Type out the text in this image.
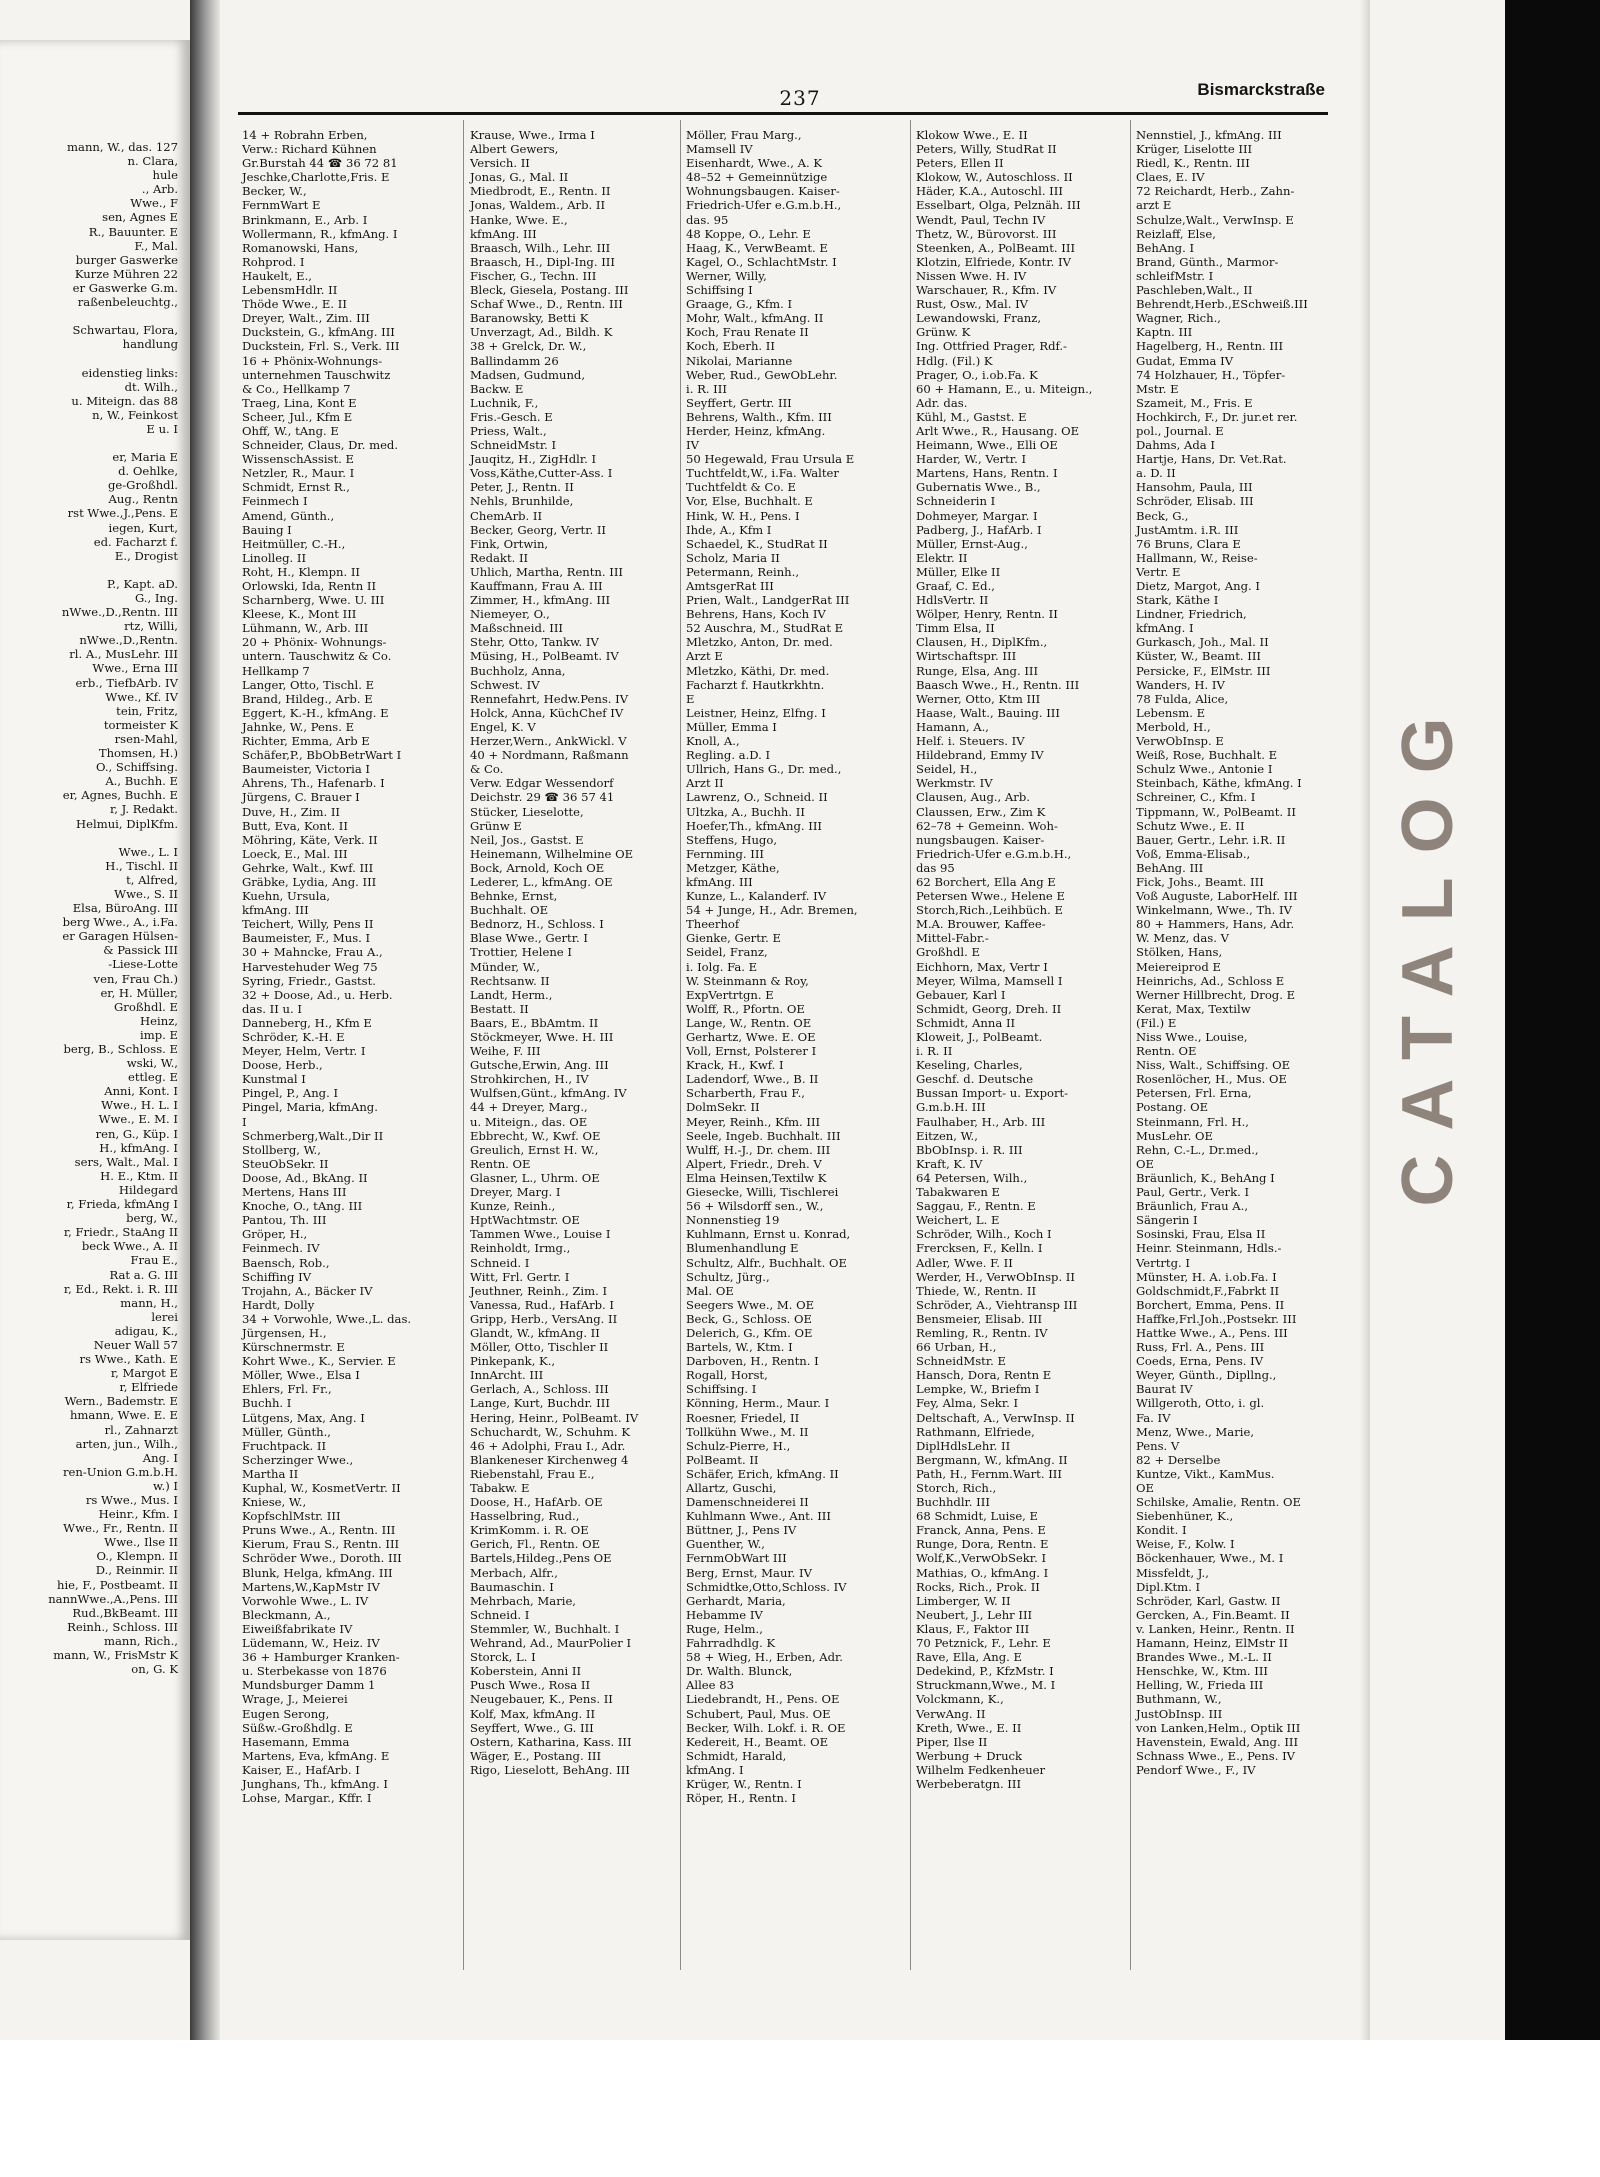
mann, W., das. 127
n. Clara,
hule
., Arb.
Wwe., F
sen, Agnes E
R., Bauunter. E
F., Mal.
burger Gaswerke
Kurze Mühren 22
er Gaswerke G.m.
raßenbeleuchtg.,
Schwartau, Flora,
handlung
eidenstieg links:
dt. Wilh.,
u. Miteign. das 88
n, W., Feinkost
E u. I
er, Maria E
d. Oehlke,
ge-Großhdl.
Aug., Rentn
rst Wwe.,J.,Pens. E
iegen, Kurt,
ed. Facharzt f.
E., Drogist
P., Kapt. aD.
G., Ing.
nWwe.,D.,Rentn. III
rtz, Willi,
nWwe.,D.,Rentn.
rl. A., MusLehr. III
Wwe., Erna III
erb., TiefbArb. IV
Wwe., Kf. IV
tein, Fritz,
tormeister K
rsen-Mahl,
Thomsen, H.)
O., Schiffsing.
A., Buchh. E
er, Agnes, Buchh. E
r, J. Redakt.
Helmui, DiplKfm.
Wwe., L. I
H., Tischl. II
t, Alfred,
Wwe., S. II
Elsa, BüroAng. III
berg Wwe., A., i.Fa.
er Garagen Hülsen-
& Passick III
-Liese-Lotte
ven, Frau Ch.)
er, H. Müller,
Großhdl. E
Heinz,
imp. E
berg, B., Schloss. E
wski, W.,
ettleg. E
Anni, Kont. I
Wwe., H. L. I
Wwe., E. M. I
ren, G., Küp. I
H., kfmAng. I
sers, Walt., Mal. I
H. E., Ktm. II
Hildegard
r, Frieda, kfmAng I
berg, W.,
r, Friedr., StaAng II
beck Wwe., A. II
Frau E.,
Rat a. G. III
r, Ed., Rekt. i. R. III
mann, H.,
lerei
adigau, K.,
Neuer Wall 57
rs Wwe., Kath. E
r, Margot E
r, Elfriede
Wern., Bademstr. E
hmann, Wwe. E. E
rl., Zahnarzt
arten, jun., Wilh.,
Ang. I
ren-Union G.m.b.H.
w.) I
rs Wwe., Mus. I
Heinr., Kfm. I
Wwe., Fr., Rentn. II
Wwe., Ilse II
O., Klempn. II
D., Reinmir. II
hie, F., Postbeamt. II
nannWwe.,A.,Pens. III
Rud.,BkBeamt. III
Reinh., Schloss. III
mann, Rich.,
mann, W., FrisMstr K
on, G. K
237	Bismarckstraße
14 + Robrahn Erben,
Verw.: Richard Kühnen
Gr.Burstah 44 ☎ 36 72 81
Jeschke,Charlotte,Fris. E
Becker, W.,
FernmWart E
Brinkmann, E., Arb. I
Wollermann, R., kfmAng. I
Romanowski, Hans,
Rohprod. I
Haukelt, E.,
LebensmHdlr. II
Thöde Wwe., E. II
Dreyer, Walt., Zim. III
Duckstein, G., kfmAng. III
Duckstein, Frl. S., Verk. III
16 + Phönix-Wohnungs-
unternehmen Tauschwitz
& Co., Hellkamp 7
Traeg, Lina, Kont E
Scheer, Jul., Kfm E
Ohff, W., tAng. E
Schneider, Claus, Dr. med.
WissenschAssist. E
Netzler, R., Maur. I
Schmidt, Ernst R.,
Feinmech I
Amend, Günth.,
Bauing I
Heitmüller, C.-H.,
Linolleg. II
Roht, H., Klempn. II
Orlowski, Ida, Rentn II
Scharnberg, Wwe. U. III
Kleese, K., Mont III
Lühmann, W., Arb. III
20 + Phönix- Wohnungs-
untern. Tauschwitz & Co.
Hellkamp 7
Langer, Otto, Tischl. E
Brand, Hildeg., Arb. E
Eggert, K.-H., kfmAng. E
Jahnke, W., Pens. E
Richter, Emma, Arb E
Schäfer,P., BbObBetrWart I
Baumeister, Victoria I
Ahrens, Th., Hafenarb. I
Jürgens, C. Brauer I
Duve, H., Zim. II
Butt, Eva, Kont. II
Möhring, Käte, Verk. II
Loeck, E., Mal. III
Gehrke, Walt., Kwf. III
Gräbke, Lydia, Ang. III
Kuehn, Ursula,
kfmAng. III
Teichert, Willy, Pens II
Baumeister, F., Mus. I
30 + Mahncke, Frau A.,
Harvestehuder Weg 75
Syring, Friedr., Gastst.
32 + Doose, Ad., u. Herb.
das. II u. I
Danneberg, H., Kfm E
Schröder, K.-H. E
Meyer, Helm, Vertr. I
Doose, Herb.,
Kunstmal I
Pingel, P., Ang. I
Pingel, Maria, kfmAng.
I
Schmerberg,Walt.,Dir II
Stollberg, W.,
SteuObSekr. II
Doose, Ad., BkAng. II
Mertens, Hans III
Knoche, O., tAng. III
Pantou, Th. III
Gröper, H.,
Feinmech. IV
Baensch, Rob.,
Schiffing IV
Trojahn, A., Bäcker IV
Hardt, Dolly
34 + Vorwohle, Wwe.,L. das.
Jürgensen, H.,
Kürschnermstr. E
Kohrt Wwe., K., Servier. E
Möller, Wwe., Elsa I
Ehlers, Frl. Fr.,
Buchh. I
Lütgens, Max, Ang. I
Müller, Günth.,
Fruchtpack. II
Scherzinger Wwe.,
Martha II
Kuphal, W., KosmetVertr. II
Kniese, W.,
KopfschlMstr. III
Pruns Wwe., A., Rentn. III
Kierum, Frau S., Rentn. III
Schröder Wwe., Doroth. III
Blunk, Helga, kfmAng. III
Martens,W.,KapMstr IV
Vorwohle Wwe., L. IV
Bleckmann, A.,
Eiweißfabrikate IV
Lüdemann, W., Heiz. IV
36 + Hamburger Kranken-
u. Sterbekasse von 1876
Mundsburger Damm 1
Wrage, J., Meierei
Eugen Serong,
Süßw.-Großhdlg. E
Hasemann, Emma
Martens, Eva, kfmAng. E
Kaiser, E., HafArb. I
Junghans, Th., kfmAng. I
Lohse, Margar., Kffr. I
Krause, Wwe., Irma I
Albert Gewers,
Versich. II
Jonas, G., Mal. II
Miedbrodt, E., Rentn. II
Jonas, Waldem., Arb. II
Hanke, Wwe. E.,
kfmAng. III
Braasch, Wilh., Lehr. III
Braasch, H., Dipl-Ing. III
Fischer, G., Techn. III
Bleck, Giesela, Postang. III
Schaf Wwe., D., Rentn. III
Baranowsky, Betti K
Unverzagt, Ad., Bildh. K
38 + Grelck, Dr. W.,
Ballindamm 26
Madsen, Gudmund,
Backw. E
Luchnik, F.,
Fris.-Gesch. E
Priess, Walt.,
SchneidMstr. I
Jauqitz, H., ZigHdlr. I
Voss,Käthe,Cutter-Ass. I
Peter, J., Rentn. II
Nehls, Brunhilde,
ChemArb. II
Becker, Georg, Vertr. II
Fink, Ortwin,
Redakt. II
Uhlich, Martha, Rentn. III
Kauffmann, Frau A. III
Zimmer, H., kfmAng. III
Niemeyer, O.,
Maßschneid. III
Stehr, Otto, Tankw. IV
Müsing, H., PolBeamt. IV
Buchholz, Anna,
Schwest. IV
Rennefahrt, Hedw.Pens. IV
Holck, Anna, KüchChef IV
Engel, K. V
Herzer,Wern., AnkWickl. V
40 + Nordmann, Raßmann
& Co.
Verw. Edgar Wessendorf
Deichstr. 29 ☎ 36 57 41
Stücker, Lieselotte,
Grünw E
Neil, Jos., Gastst. E
Heinemann, Wilhelmine OE
Bock, Arnold, Koch OE
Lederer, L., kfmAng. OE
Behnke, Ernst,
Buchhalt. OE
Bednorz, H., Schloss. I
Blase Wwe., Gertr. I
Trottier, Helene I
Münder, W.,
Rechtsanw. II
Landt, Herm.,
Bestatt. II
Baars, E., BbAmtm. II
Stöckmeyer, Wwe. H. III
Weihe, F. III
Gutsche,Erwin, Ang. III
Strohkirchen, H., IV
Wulfsen,Günt., kfmAng. IV
44 + Dreyer, Marg.,
u. Miteign., das. OE
Ebbrecht, W., Kwf. OE
Greulich, Ernst H. W.,
Rentn. OE
Glasner, L., Uhrm. OE
Dreyer, Marg. I
Kunze, Reinh.,
HptWachtmstr. OE
Tammen Wwe., Louise I
Reinholdt, Irmg.,
Schneid. I
Witt, Frl. Gertr. I
Jeuthner, Reinh., Zim. I
Vanessa, Rud., HafArb. I
Gripp, Herb., VersAng. II
Glandt, W., kfmAng. II
Möller, Otto, Tischler II
Pinkepank, K.,
InnArcht. III
Gerlach, A., Schloss. III
Lange, Kurt, Buchdr. III
Hering, Heinr., PolBeamt. IV
Schuchardt, W., Schuhm. K
46 + Adolphi, Frau I., Adr.
Blankeneser Kirchenweg 4
Riebenstahl, Frau E.,
Tabakw. E
Doose, H., HafArb. OE
Hasselbring, Rud.,
KrimKomm. i. R. OE
Gerich, Fl., Rentn. OE
Bartels,Hildeg.,Pens OE
Merbach, Alfr.,
Baumaschin. I
Mehrbach, Marie,
Schneid. I
Stemmler, W., Buchhalt. I
Wehrand, Ad., MaurPolier I
Storck, L. I
Koberstein, Anni II
Pusch Wwe., Rosa II
Neugebauer, K., Pens. II
Kolf, Max, kfmAng. II
Seyffert, Wwe., G. III
Ostern, Katharina, Kass. III
Wäger, E., Postang. III
Rigo, Lieselott, BehAng. III
Möller, Frau Marg.,
Mamsell IV
Eisenhardt, Wwe., A. K
48–52 + Gemeinnützige
Wohnungsbaugen. Kaiser-
Friedrich-Ufer e.G.m.b.H.,
das. 95
48 Koppe, O., Lehr. E
Haag, K., VerwBeamt. E
Kagel, O., SchlachtMstr. I
Werner, Willy,
Schiffsing I
Graage, G., Kfm. I
Mohr, Walt., kfmAng. II
Koch, Frau Renate II
Koch, Eberh. II
Nikolai, Marianne
Weber, Rud., GewObLehr.
i. R. III
Seyffert, Gertr. III
Behrens, Walth., Kfm. III
Herder, Heinz, kfmAng.
IV
50 Hegewald, Frau Ursula E
Tuchtfeldt,W., i.Fa. Walter
Tuchtfeldt & Co. E
Vor, Else, Buchhalt. E
Hink, W. H., Pens. I
Ihde, A., Kfm I
Schaedel, K., StudRat II
Scholz, Maria II
Petermann, Reinh.,
AmtsgerRat III
Prien, Walt., LandgerRat III
Behrens, Hans, Koch IV
52 Auschra, M., StudRat E
Mletzko, Anton, Dr. med.
Arzt E
Mletzko, Käthi, Dr. med.
Facharzt f. Hautkrkhtn.
E
Leistner, Heinz, Elfng. I
Müller, Emma I
Knoll, A.,
Regling. a.D. I
Ullrich, Hans G., Dr. med.,
Arzt II
Lawrenz, O., Schneid. II
Ultzka, A., Buchh. II
Hoefer,Th., kfmAng. III
Steffens, Hugo,
Fernming. III
Metzger, Käthe,
kfmAng. III
Kunze, L., Kalanderf. IV
54 + Junge, H., Adr. Bremen,
Theerhof
Gienke, Gertr. E
Seidel, Franz,
i. Iolg. Fa. E
W. Steinmann & Roy,
ExpVertrtgn. E
Wolff, R., Pfortn. OE
Lange, W., Rentn. OE
Gerhartz, Wwe. E. OE
Voll, Ernst, Polsterer I
Krack, H., Kwf. I
Ladendorf, Wwe., B. II
Scharberth, Frau F.,
DolmSekr. II
Meyer, Reinh., Kfm. III
Seele, Ingeb. Buchhalt. III
Wulff, H.-J., Dr. chem. III
Alpert, Friedr., Dreh. V
Elma Heinsen,Textilw K
Giesecke, Willi, Tischlerei
56 + Wilsdorff sen., W.,
Nonnenstieg 19
Kuhlmann, Ernst u. Konrad,
Blumenhandlung E
Schultz, Alfr., Buchhalt. OE
Schultz, Jürg.,
Mal. OE
Seegers Wwe., M. OE
Beck, G., Schloss. OE
Delerich, G., Kfm. OE
Bartels, W., Ktm. I
Darboven, H., Rentn. I
Rogall, Horst,
Schiffsing. I
Könning, Herm., Maur. I
Roesner, Friedel, II
Tollkühn Wwe., M. II
Schulz-Pierre, H.,
PolBeamt. II
Schäfer, Erich, kfmAng. II
Allartz, Guschi,
Damenschneiderei II
Kuhlmann Wwe., Ant. III
Büttner, J., Pens IV
Guenther, W.,
FernmObWart III
Berg, Ernst, Maur. IV
Schmidtke,Otto,Schloss. IV
Gerhardt, Maria,
Hebamme IV
Ruge, Helm.,
Fahrradhdlg. K
58 + Wieg, H., Erben, Adr.
Dr. Walth. Blunck,
Allee 83
Liedebrandt, H., Pens. OE
Schubert, Paul, Mus. OE
Becker, Wilh. Lokf. i. R. OE
Kedereit, H., Beamt. OE
Schmidt, Harald,
kfmAng. I
Krüger, W., Rentn. I
Röper, H., Rentn. I
Klokow Wwe., E. II
Peters, Willy, StudRat II
Peters, Ellen II
Klokow, W., Autoschloss. II
Häder, K.A., Autoschl. III
Esselbart, Olga, Pelznäh. III
Wendt, Paul, Techn IV
Thetz, W., Bürovorst. III
Steenken, A., PolBeamt. III
Klotzin, Elfriede, Kontr. IV
Nissen Wwe. H. IV
Warschauer, R., Kfm. IV
Rust, Osw., Mal. IV
Lewandowski, Franz,
Grünw. K
Ing. Ottfried Prager, Rdf.-
Hdlg. (Fil.) K
Prager, O., i.ob.Fa. K
60 + Hamann, E., u. Miteign.,
Adr. das.
Kühl, M., Gastst. E
Arlt Wwe., R., Hausang. OE
Heimann, Wwe., Elli OE
Harder, W., Vertr. I
Martens, Hans, Rentn. I
Gubernatis Wwe., B.,
Schneiderin I
Dohmeyer, Margar. I
Padberg, J., HafArb. I
Müller, Ernst-Aug.,
Elektr. II
Müller, Elke II
Graaf, C. Ed.,
HdlsVertr. II
Wölper, Henry, Rentn. II
Timm Elsa, II
Clausen, H., DiplKfm.,
Wirtschaftspr. III
Runge, Elsa, Ang. III
Baasch Wwe., H., Rentn. III
Werner, Otto, Ktm III
Haase, Walt., Bauing. III
Hamann, A.,
Helf. i. Steuers. IV
Hildebrand, Emmy IV
Seidel, H.,
Werkmstr. IV
Clausen, Aug., Arb.
Claussen, Erw., Zim K
62–78 + Gemeinn. Woh-
nungsbaugen. Kaiser-
Friedrich-Ufer e.G.m.b.H.,
das 95
62 Borchert, Ella Ang E
Petersen Wwe., Helene E
Storch,Rich.,Leihbüch. E
M.A. Brouwer, Kaffee-
Mittel-Fabr.-
Großhdl. E
Eichhorn, Max, Vertr I
Meyer, Wilma, Mamsell I
Gebauer, Karl I
Schmidt, Georg, Dreh. II
Schmidt, Anna II
Kloweit, J., PolBeamt.
i. R. II
Keseling, Charles,
Geschf. d. Deutsche
Bussan Import- u. Export-
G.m.b.H. III
Faulhaber, H., Arb. III
Eitzen, W.,
BbObInsp. i. R. III
Kraft, K. IV
64 Petersen, Wilh.,
Tabakwaren E
Saggau, F., Rentn. E
Weichert, L. E
Schröder, Wilh., Koch I
Frercksen, F., Kelln. I
Adler, Wwe. F. II
Werder, H., VerwObInsp. II
Thiede, W., Rentn. II
Schröder, A., Viehtransp III
Bensmeier, Elisab. III
Remling, R., Rentn. IV
66 Urban, H.,
SchneidMstr. E
Hansch, Dora, Rentn E
Lempke, W., Briefm I
Fey, Alma, Sekr. I
Deltschaft, A., VerwInsp. II
Rathmann, Elfriede,
DiplHdlsLehr. II
Bergmann, W., kfmAng. II
Path, H., Fernm.Wart. III
Storch, Rich.,
Buchhdlr. III
68 Schmidt, Luise, E
Franck, Anna, Pens. E
Runge, Dora, Rentn. E
Wolf,K.,VerwObSekr. I
Mathias, O., kfmAng. I
Rocks, Rich., Prok. II
Limberger, W. II
Neubert, J., Lehr III
Klaus, F., Faktor III
70 Petznick, F., Lehr. E
Rave, Ella, Ang. E
Dedekind, P., KfzMstr. I
Struckmann,Wwe., M. I
Volckmann, K.,
VerwAng. II
Kreth, Wwe., E. II
Piper, Ilse II
Werbung + Druck
Wilhelm Fedkenheuer
Werbeberatgn. III
Nennstiel, J., kfmAng. III
Krüger, Liselotte III
Riedl, K., Rentn. III
Claes, E. IV
72 Reichardt, Herb., Zahn-
arzt E
Schulze,Walt., VerwInsp. E
Reizlaff, Else,
BehAng. I
Brand, Günth., Marmor-
schleifMstr. I
Paschleben,Walt., II
Behrendt,Herb.,ESchweiß.III
Wagner, Rich.,
Kaptn. III
Hagelberg, H., Rentn. III
Gudat, Emma IV
74 Holzhauer, H., Töpfer-
Mstr. E
Szameit, M., Fris. E
Hochkirch, F., Dr. jur.et rer.
pol., Journal. E
Dahms, Ada I
Hartje, Hans, Dr. Vet.Rat.
a. D. II
Hansohm, Paula, III
Schröder, Elisab. III
Beck, G.,
JustAmtm. i.R. III
76 Bruns, Clara E
Hallmann, W., Reise-
Vertr. E
Dietz, Margot, Ang. I
Stark, Käthe I
Lindner, Friedrich,
kfmAng. I
Gurkasch, Joh., Mal. II
Küster, W., Beamt. III
Persicke, F., ElMstr. III
Wanders, H. IV
78 Fulda, Alice,
Lebensm. E
Merbold, H.,
VerwObInsp. E
Weiß, Rose, Buchhalt. E
Schulz Wwe., Antonie I
Steinbach, Käthe, kfmAng. I
Schreiner, C., Kfm. I
Tippmann, W., PolBeamt. II
Schutz Wwe., E. II
Bauer, Gertr., Lehr. i.R. II
Voß, Emma-Elisab.,
BehAng. III
Fick, Johs., Beamt. III
Voß Auguste, LaborHelf. III
Winkelmann, Wwe., Th. IV
80 + Hammers, Hans, Adr.
W. Menz, das. V
Stölken, Hans,
Meiereiprod E
Heinrichs, Ad., Schloss E
Werner Hillbrecht, Drog. E
Kerat, Max, Textilw
(Fil.) E
Niss Wwe., Louise,
Rentn. OE
Niss, Walt., Schiffsing. OE
Rosenlöcher, H., Mus. OE
Petersen, Frl. Erna,
Postang. OE
Steinmann, Frl. H.,
MusLehr. OE
Rehn, C.-L., Dr.med.,
OE
Bräunlich, K., BehAng I
Paul, Gertr., Verk. I
Bräunlich, Frau A.,
Sängerin I
Sosinski, Frau, Elsa II
Heinr. Steinmann, Hdls.-
Vertrtg. I
Münster, H. A. i.ob.Fa. I
Goldschmidt,F.,Fabrkt II
Borchert, Emma, Pens. II
Haffke,Frl.Joh.,Postsekr. III
Hattke Wwe., A., Pens. III
Russ, Frl. A., Pens. III
Coeds, Erna, Pens. IV
Weyer, Günth., Dipllng.,
Baurat IV
Willgeroth, Otto, i. gl.
Fa. IV
Menz, Wwe., Marie,
Pens. V
82 + Derselbe
Kuntze, Vikt., KamMus.
OE
Schilske, Amalie, Rentn. OE
Siebenhüner, K.,
Kondit. I
Weise, F., Kolw. I
Böckenhauer, Wwe., M. I
Missfeldt, J.,
Dipl.Ktm. I
Schröder, Karl, Gastw. II
Gercken, A., Fin.Beamt. II
v. Lanken, Heinr., Rentn. II
Hamann, Heinz, ElMstr II
Brandes Wwe., M.-L. II
Henschke, W., Ktm. III
Helling, W., Frieda III
Buthmann, W.,
JustObInsp. III
von Lanken,Helm., Optik III
Havenstein, Ewald, Ang. III
Schnass Wwe., E., Pens. IV
Pendorf Wwe., F., IV
CATALOG
